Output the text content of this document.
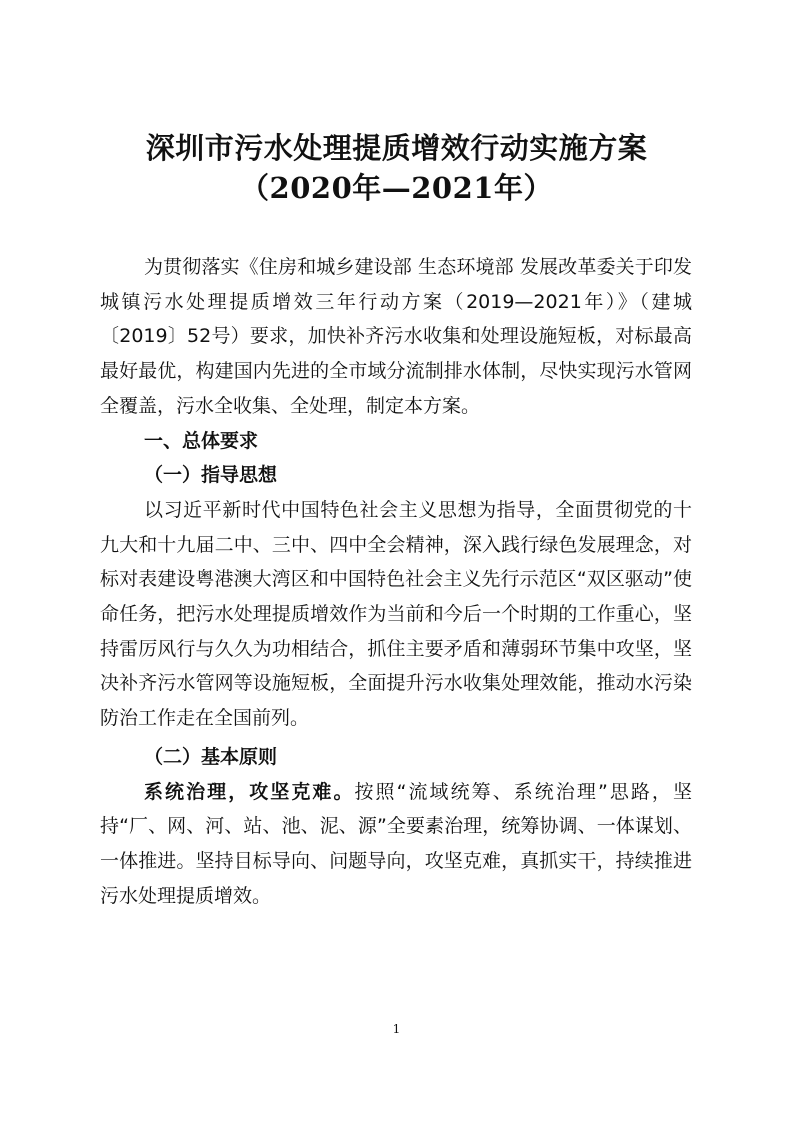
深圳市污水处理提质增效行动实施方案
（2020年—2021年）

为贯彻落实《住房和城乡建设部 生态环境部 发展改革委关于印发城镇污水处理提质增效三年行动方案（2019—2021年）》（建城〔2019〕52号）要求，加快补齐污水收集和处理设施短板，对标最高最好最优，构建国内先进的全市域分流制排水体制，尽快实现污水管网全覆盖，污水全收集、全处理，制定本方案。

一、总体要求

（一）指导思想

以习近平新时代中国特色社会主义思想为指导，全面贯彻党的十九大和十九届二中、三中、四中全会精神，深入践行绿色发展理念，对标对表建设粤港澳大湾区和中国特色社会主义先行示范区“双区驱动”使命任务，把污水处理提质增效作为当前和今后一个时期的工作重心，坚持雷厉风行与久久为功相结合，抓住主要矛盾和薄弱环节集中攻坚，坚决补齐污水管网等设施短板，全面提升污水收集处理效能，推动水污染防治工作走在全国前列。

（二）基本原则

系统治理，攻坚克难。按照“流域统筹、系统治理”思路，坚持“厂、网、河、站、池、泥、源”全要素治理，统筹协调、一体谋划、一体推进。坚持目标导向、问题导向，攻坚克难，真抓实干，持续推进污水处理提质增效。

1
